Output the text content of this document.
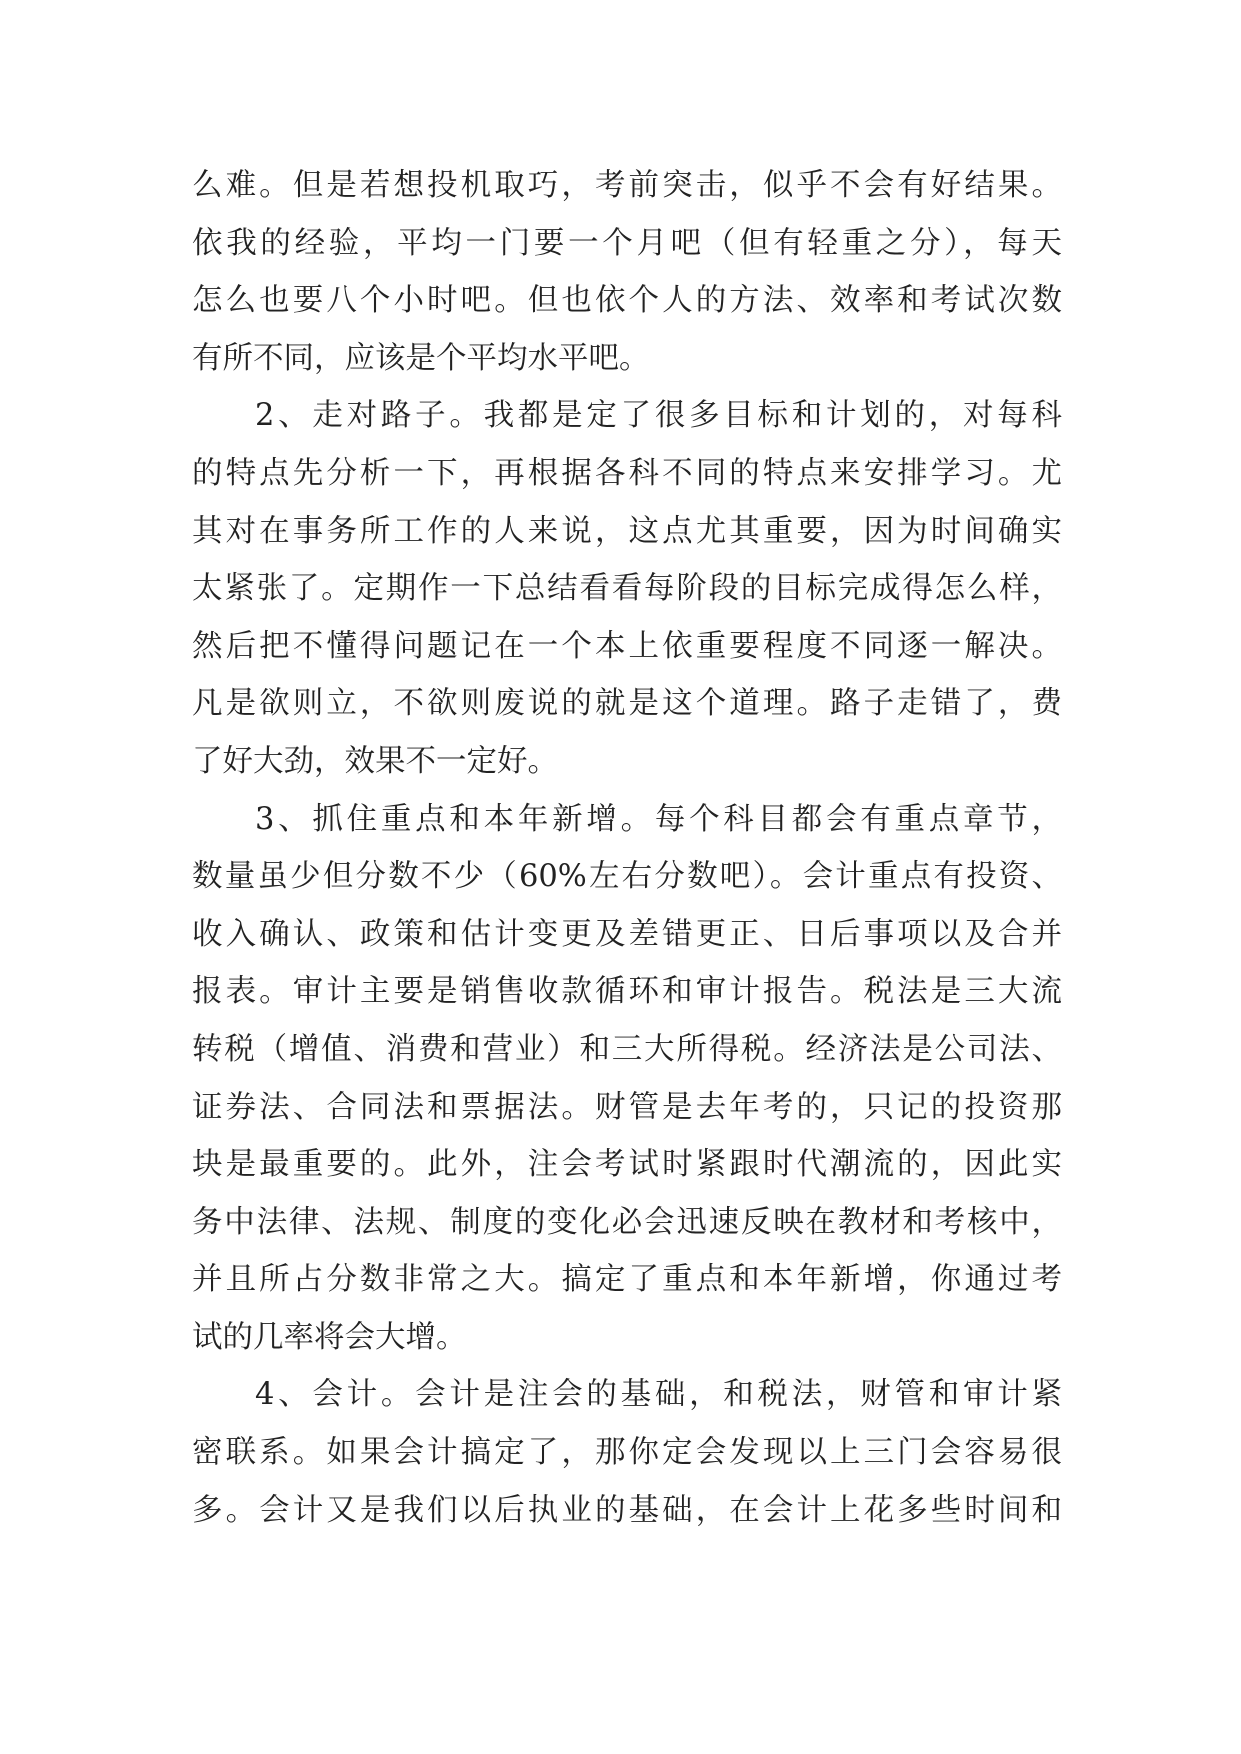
么难。但是若想投机取巧，考前突击，似乎不会有好结果。
依我的经验，平均一门要一个月吧（但有轻重之分），每天
怎么也要八个小时吧。但也依个人的方法、效率和考试次数
有所不同，应该是个平均水平吧。
2、走对路子。我都是定了很多目标和计划的，对每科
的特点先分析一下，再根据各科不同的特点来安排学习。尤
其对在事务所工作的人来说，这点尤其重要，因为时间确实
太紧张了。定期作一下总结看看每阶段的目标完成得怎么样，
然后把不懂得问题记在一个本上依重要程度不同逐一解决。
凡是欲则立，不欲则废说的就是这个道理。路子走错了，费
了好大劲，效果不一定好。
3、抓住重点和本年新增。每个科目都会有重点章节，
数量虽少但分数不少（60%左右分数吧）。会计重点有投资、
收入确认、政策和估计变更及差错更正、日后事项以及合并
报表。审计主要是销售收款循环和审计报告。税法是三大流
转税（增值、消费和营业）和三大所得税。经济法是公司法、
证券法、合同法和票据法。财管是去年考的，只记的投资那
块是最重要的。此外，注会考试时紧跟时代潮流的，因此实
务中法律、法规、制度的变化必会迅速反映在教材和考核中，
并且所占分数非常之大。搞定了重点和本年新增，你通过考
试的几率将会大增。
4、会计。会计是注会的基础，和税法，财管和审计紧
密联系。如果会计搞定了，那你定会发现以上三门会容易很
多。会计又是我们以后执业的基础，在会计上花多些时间和
